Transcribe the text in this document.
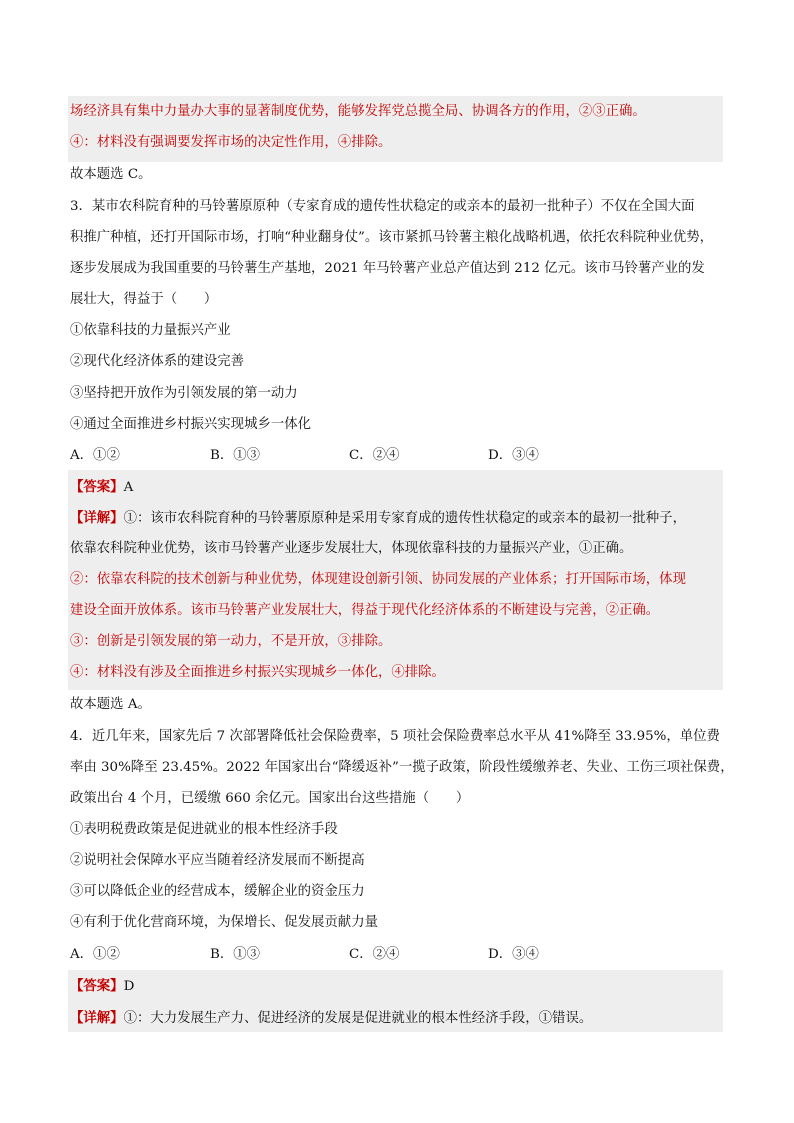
场经济具有集中力量办大事的显著制度优势，能够发挥党总揽全局、协调各方的作用，②③正确。
④：材料没有强调要发挥市场的决定性作用，④排除。
故本题选 C。
3．某市农科院育种的马铃薯原原种（专家育成的遗传性状稳定的或亲本的最初一批种子）不仅在全国大面
积推广种植，还打开国际市场，打响“种业翻身仗”。该市紧抓马铃薯主粮化战略机遇，依托农科院种业优势，
逐步发展成为我国重要的马铃薯生产基地，2021 年马铃薯产业总产值达到 212 亿元。该市马铃薯产业的发
展壮大，得益于（　　）
①依靠科技的力量振兴产业
②现代化经济体系的建设完善
③坚持把开放作为引领发展的第一动力
④通过全面推进乡村振兴实现城乡一体化
A．①②	B．①③	C．②④	D．③④
【答案】A
【详解】①：该市农科院育种的马铃薯原原种是采用专家育成的遗传性状稳定的或亲本的最初一批种子，
依靠农科院种业优势，该市马铃薯产业逐步发展壮大，体现依靠科技的力量振兴产业，①正确。
②：依靠农科院的技术创新与种业优势，体现建设创新引领、协同发展的产业体系；打开国际市场，体现
建设全面开放体系。该市马铃薯产业发展壮大，得益于现代化经济体系的不断建设与完善，②正确。
③：创新是引领发展的第一动力，不是开放，③排除。
④：材料没有涉及全面推进乡村振兴实现城乡一体化，④排除。
故本题选 A。
4．近几年来，国家先后 7 次部署降低社会保险费率，5 项社会保险费率总水平从 41%降至 33.95%，单位费
率由 30%降至 23.45%。2022 年国家出台“降缓返补”一揽子政策，阶段性缓缴养老、失业、工伤三项社保费，
政策出台 4 个月，已缓缴 660 余亿元。国家出台这些措施（　　）
①表明税费政策是促进就业的根本性经济手段
②说明社会保障水平应当随着经济发展而不断提高
③可以降低企业的经营成本，缓解企业的资金压力
④有利于优化营商环境，为保增长、促发展贡献力量
A．①②	B．①③	C．②④	D．③④
【答案】D
【详解】①：大力发展生产力、促进经济的发展是促进就业的根本性经济手段，①错误。
